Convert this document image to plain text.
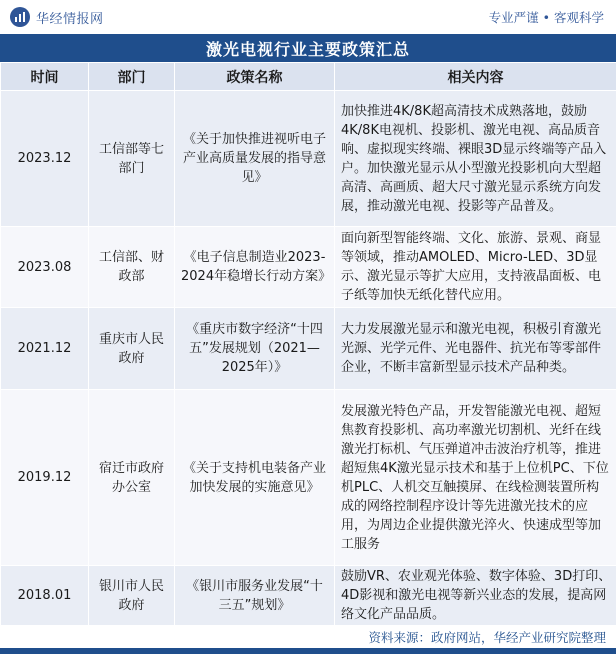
华经情报网	专业严谨 • 客观科学
激光电视行业主要政策汇总
时间	部门	政策名称	相关内容
2023.12	工信部等七部门	《关于加快推进视听电子产业高质量发展的指导意见》	加快推进4K/8K超高清技术成熟落地，鼓励4K/8K电视机、投影机、激光电视、高品质音响、虚拟现实终端、裸眼3D显示终端等产品入户。加快激光显示从小型激光投影机向大型超高清、高画质、超大尺寸激光显示系统方向发展，推动激光电视、投影等产品普及。
2023.08	工信部、财政部	《电子信息制造业2023-2024年稳增长行动方案》	面向新型智能终端、文化、旅游、景观、商显等领域，推动AMOLED、Micro-LED、3D显示、激光显示等扩大应用，支持液晶面板、电子纸等加快无纸化替代应用。
2021.12	重庆市人民政府	《重庆市数字经济“十四五”发展规划（2021—2025年）》	大力发展激光显示和激光电视，积极引育激光光源、光学元件、光电器件、抗光布等零部件企业，不断丰富新型显示技术产品种类。
2019.12	宿迁市政府办公室	《关于支持机电装备产业加快发展的实施意见》	发展激光特色产品，开发智能激光电视、超短焦教育投影机、高功率激光切割机、光纤在线激光打标机、气压弹道冲击波治疗机等，推进超短焦4K激光显示技术和基于上位机PC、下位机PLC、人机交互触摸屏、在线检测装置所构成的网络控制程序设计等先进激光技术的应用，为周边企业提供激光淬火、快速成型等加工服务
2018.01	银川市人民政府	《银川市服务业发展“十三五”规划》	鼓励VR、农业观光体验、数字体验、3D打印、4D影视和激光电视等新兴业态的发展，提高网络文化产品品质。
资料来源：政府网站，华经产业研究院整理
